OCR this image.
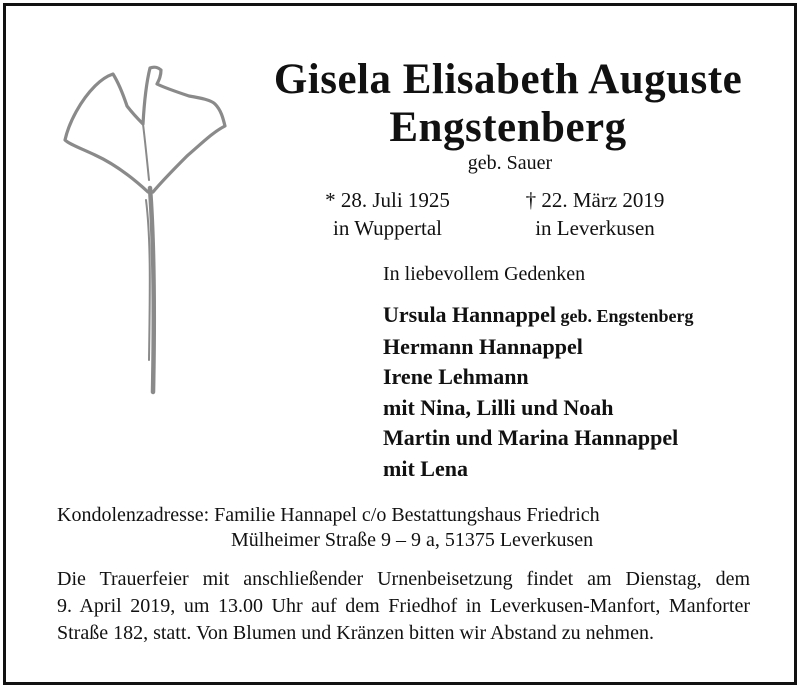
Gisela Elisabeth Auguste
Engstenberg
geb. Sauer
* 28. Juli 1925
in Wuppertal
† 22. März 2019
in Leverkusen
In liebevollem Gedenken
Ursula Hannappel geb. Engstenberg
Hermann Hannappel
Irene Lehmann
mit Nina, Lilli und Noah
Martin und Marina Hannappel
mit Lena
Kondolenzadresse: Familie Hannapel c/o Bestattungshaus Friedrich
Mülheimer Straße 9 – 9 a, 51375 Leverkusen
Die Trauerfeier mit anschließender Urnenbeisetzung findet am Dienstag, dem
9. April 2019, um 13.00 Uhr auf dem Friedhof in Leverkusen-Manfort, Manforter
Straße 182, statt. Von Blumen und Kränzen bitten wir Abstand zu nehmen.
